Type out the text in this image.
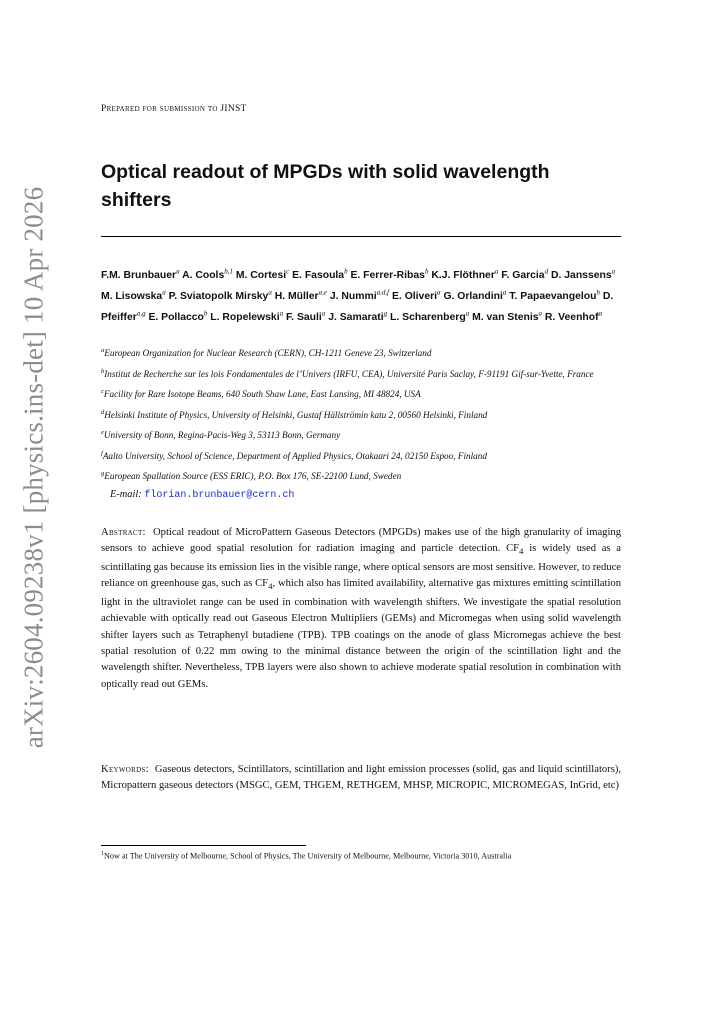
arXiv:2604.09238v1 [physics.ins-det] 10 Apr 2026
Prepared for submission to JINST
Optical readout of MPGDs with solid wavelength shifters
F.M. Brunbauer$^a$ A. Cools$^{b,1}$ M. Cortesi$^c$ E. Fasoula$^b$ E. Ferrer-Ribas$^b$ K.J. Flöthner$^a$ F. Garcia$^d$ D. Janssens$^a$ M. Lisowska$^a$ P. Sviatopolk Mirsky$^a$ H. Müller$^{a,e}$ J. Nummi$^{a,d,f}$ E. Oliveri$^a$ G. Orlandini$^a$ T. Papaevangelou$^b$ D. Pfeiffer$^{a,g}$ E. Pollacco$^b$ L. Ropelewski$^a$ F. Sauli$^a$ J. Samarati$^g$ L. Scharenberg$^a$ M. van Stenis$^a$ R. Veenhof$^a$
$^a$European Organization for Nuclear Research (CERN), CH-1211 Geneve 23, Switzerland
$^b$Institut de Recherche sur les lois Fondamentales de l’Univers (IRFU, CEA), Université Paris Saclay, F-91191 Gif-sur-Yvette, France
$^c$Facility for Rare Isotope Beams, 640 South Shaw Lane, East Lansing, MI 48824, USA
$^d$Helsinki Institute of Physics, University of Helsinki, Gustaf Hällströmin katu 2, 00560 Helsinki, Finland
$^e$University of Bonn, Regina-Pacis-Weg 3, 53113 Bonn, Germany
$^f$Aalto University, School of Science, Department of Applied Physics, Otakaari 24, 02150 Espoo, Finland
$^g$European Spallation Source (ESS ERIC), P.O. Box 176, SE-22100 Lund, Sweden
E-mail: florian.brunbauer@cern.ch

Abstract: Optical readout of MicroPattern Gaseous Detectors (MPGDs) makes use of the high granularity of imaging sensors to achieve good spatial resolution for radiation imaging and particle detection. $CF_4$ is widely used as a scintillating gas because its emission lies in the visible range, where optical sensors are most sensitive. However, to reduce reliance on greenhouse gas, such as $CF_4$, which also has limited availability, alternative gas mixtures emitting scintillation light in the ultraviolet range can be used in combination with wavelength shifters. We investigate the spatial resolution achievable with optically read out Gaseous Electron Multipliers (GEMs) and Micromegas when using solid wavelength shifter layers such as Tetraphenyl butadiene (TPB). TPB coatings on the anode of glass Micromegas achieve the best spatial resolution of 0.22 mm owing to the minimal distance between the origin of the scintillation light and the wavelength shifter. Nevertheless, TPB layers were also shown to achieve moderate spatial resolution in combination with optically read out GEMs.

Keywords: Gaseous detectors, Scintillators, scintillation and light emission processes (solid, gas and liquid scintillators), Micropattern gaseous detectors (MSGC, GEM, THGEM, RETHGEM, MHSP, MICROPIC, MICROMEGAS, InGrid, etc)

$^1$Now at The University of Melbourne, School of Physics, The University of Melbourne, Melbourne, Victoria 3010, Australia
